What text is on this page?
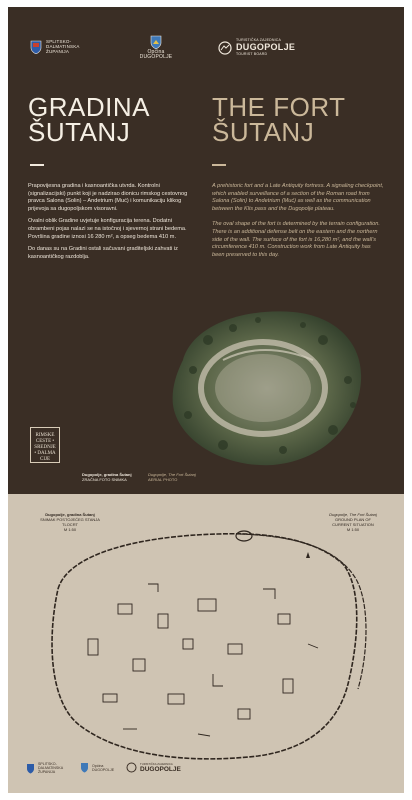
SPLITSKO-DALMATINSKA ŽUPANIJA	Općina DUGOPOLJE
TURISTIČKA ZAJEDNICA
DUGOPOLJE
TOURIST BOARD
GRADINA
ŠUTANJ
THE FORT
ŠUTANJ

Prapovijesna gradina i kasnoantička utvrda. Kontrolni (signalizacijski) punkt koji je nadzirao dionicu rimskog cestovnog pravca Salona (Solin) – Andetrium (Muć) i komunikaciju klikog prijevoja sa dugopoljskom visoravni.

Ovalni oblik Gradine uvjetuje konfiguracija terena. Dodatni obrambeni pojas nalazi se na istočnoj i sjevernoj strani bedema. Površina gradine iznosi 16 280 m², a opseg bedema 410 m.

Do danas su na Gradini ostali sačuvani graditeljski zahvati iz kasnoantičkog razdoblja.

A prehistoric fort and a Late Antiquity fortress. A signaling checkpoint, which enabled surveillance of a section of the Roman road from Salona (Solin) to Andetrium (Muć) as well as the communication between the Klis pass and the Dugopolje plateau.

The oval shape of the fort is determined by the terrain configuration. There is an additional defense belt on the eastern and the northern side of the wall. The surface of the fort is 16,280 m², and the wall's circumference 410 m. Construction work from Late Antiquity has been preserved to this day.

RIMSKE
CESTE •
SREDNJE
• DALMA
CIJE
Dugopolje, gradina Šutanj
ZRAČNA FOTO SNIMKA
Dugopolje, The Fort Šutanj
AERIAL PHOTO
Dugopolje, gradina Šutanj
SNIMAK POSTOJEĆEG STANJA
TLOCRT
M 1:50
Dugopolje, The Fort Šutanj
GROUND PLAN OF
CURRENT SITUATION
M 1:50
SPLITSKO-DALMATINSKA ŽUPANIJA
Općina DUGOPOLJE
TURISTIČKA ZAJEDNICA
DUGOPOLJE
